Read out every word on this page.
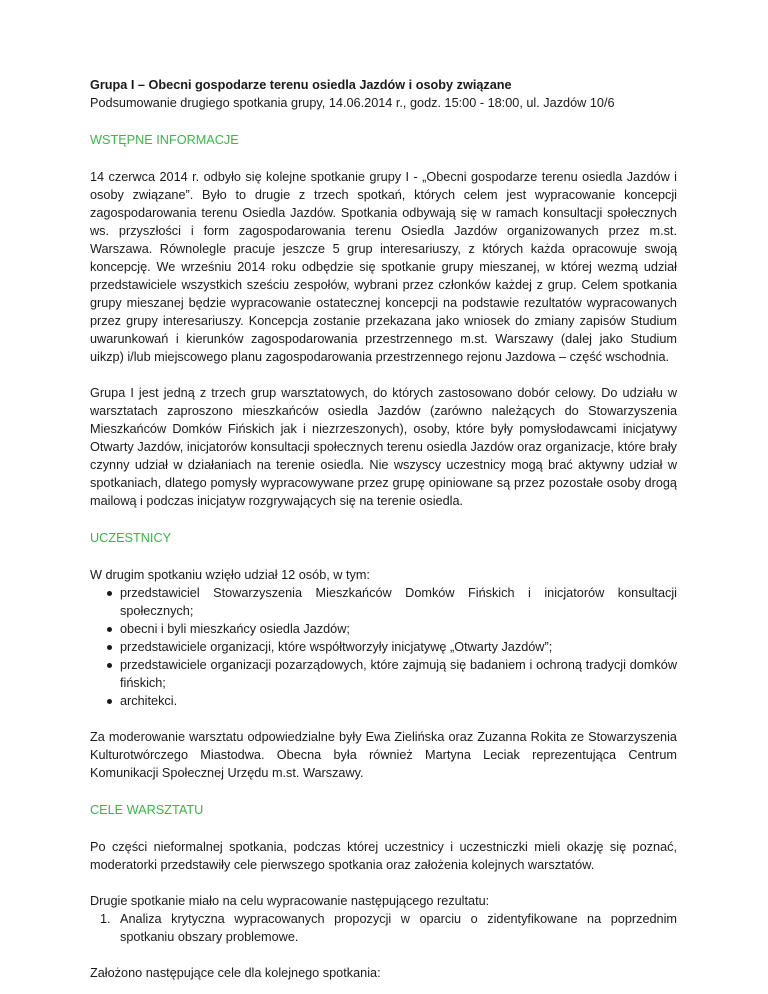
Grupa I – Obecni gospodarze terenu osiedla Jazdów i osoby związane

Podsumowanie drugiego spotkania grupy, 14.06.2014 r., godz. 15:00 - 18:00, ul. Jazdów 10/6

WSTĘPNE INFORMACJE

14 czerwca 2014 r. odbyło się kolejne spotkanie grupy I - „Obecni gospodarze terenu osiedla Jazdów i osoby związane”. Było to drugie z trzech spotkań, których celem jest wypracowanie koncepcji zagospodarowania terenu Osiedla Jazdów. Spotkania odbywają się w ramach konsultacji społecznych ws. przyszłości i form zagospodarowania terenu Osiedla Jazdów organizowanych przez m.st. Warszawa. Równolegle pracuje jeszcze 5 grup interesariuszy, z których każda opracowuje swoją koncepcję. We wrześniu 2014 roku odbędzie się spotkanie grupy mieszanej, w której wezmą udział przedstawiciele wszystkich sześciu zespołów, wybrani przez członków każdej z grup. Celem spotkania grupy mieszanej będzie wypracowanie ostatecznej koncepcji na podstawie rezultatów wypracowanych przez grupy interesariuszy. Koncepcja zostanie przekazana jako wniosek do zmiany zapisów Studium uwarunkowań i kierunków zagospodarowania przestrzennego m.st. Warszawy (dalej jako Studium uikzp) i/lub miejscowego planu zagospodarowania przestrzennego rejonu Jazdowa – część wschodnia.

Grupa I jest jedną z trzech grup warsztatowych, do których zastosowano dobór celowy. Do udziału w warsztatach zaproszono mieszkańców osiedla Jazdów (zarówno należących do Stowarzyszenia Mieszkańców Domków Fińskich jak i niezrzeszonych), osoby, które były pomysłodawcami inicjatywy Otwarty Jazdów, inicjatorów konsultacji społecznych terenu osiedla Jazdów oraz organizacje, które brały czynny udział w działaniach na terenie osiedla. Nie wszyscy uczestnicy mogą brać aktywny udział w spotkaniach, dlatego pomysły wypracowywane przez grupę opiniowane są przez pozostałe osoby drogą mailową i podczas inicjatyw rozgrywających się na terenie osiedla.

UCZESTNICY

W drugim spotkaniu wzięło udział 12 osób, w tym:

przedstawiciel Stowarzyszenia Mieszkańców Domków Fińskich i inicjatorów konsultacji społecznych;
obecni i byli mieszkańcy osiedla Jazdów;
przedstawiciele organizacji, które współtworzyły inicjatywę „Otwarty Jazdów”;
przedstawiciele organizacji pozarządowych, które zajmują się badaniem i ochroną tradycji domków fińskich;
architekci.

Za moderowanie warsztatu odpowiedzialne były Ewa Zielińska oraz Zuzanna Rokita ze Stowarzyszenia Kulturotwórczego Miastodwa. Obecna była również Martyna Leciak reprezentująca Centrum Komunikacji Społecznej Urzędu m.st. Warszawy.

CELE WARSZTATU

Po części nieformalnej spotkania, podczas której uczestnicy i uczestniczki mieli okazję się poznać, moderatorki przedstawiły cele pierwszego spotkania oraz założenia kolejnych warsztatów.

Drugie spotkanie miało na celu wypracowanie następującego rezultatu:

1. Analiza krytyczna wypracowanych propozycji w oparciu o zidentyfikowane na poprzednim spotkaniu obszary problemowe.

Założono następujące cele dla kolejnego spotkania:
